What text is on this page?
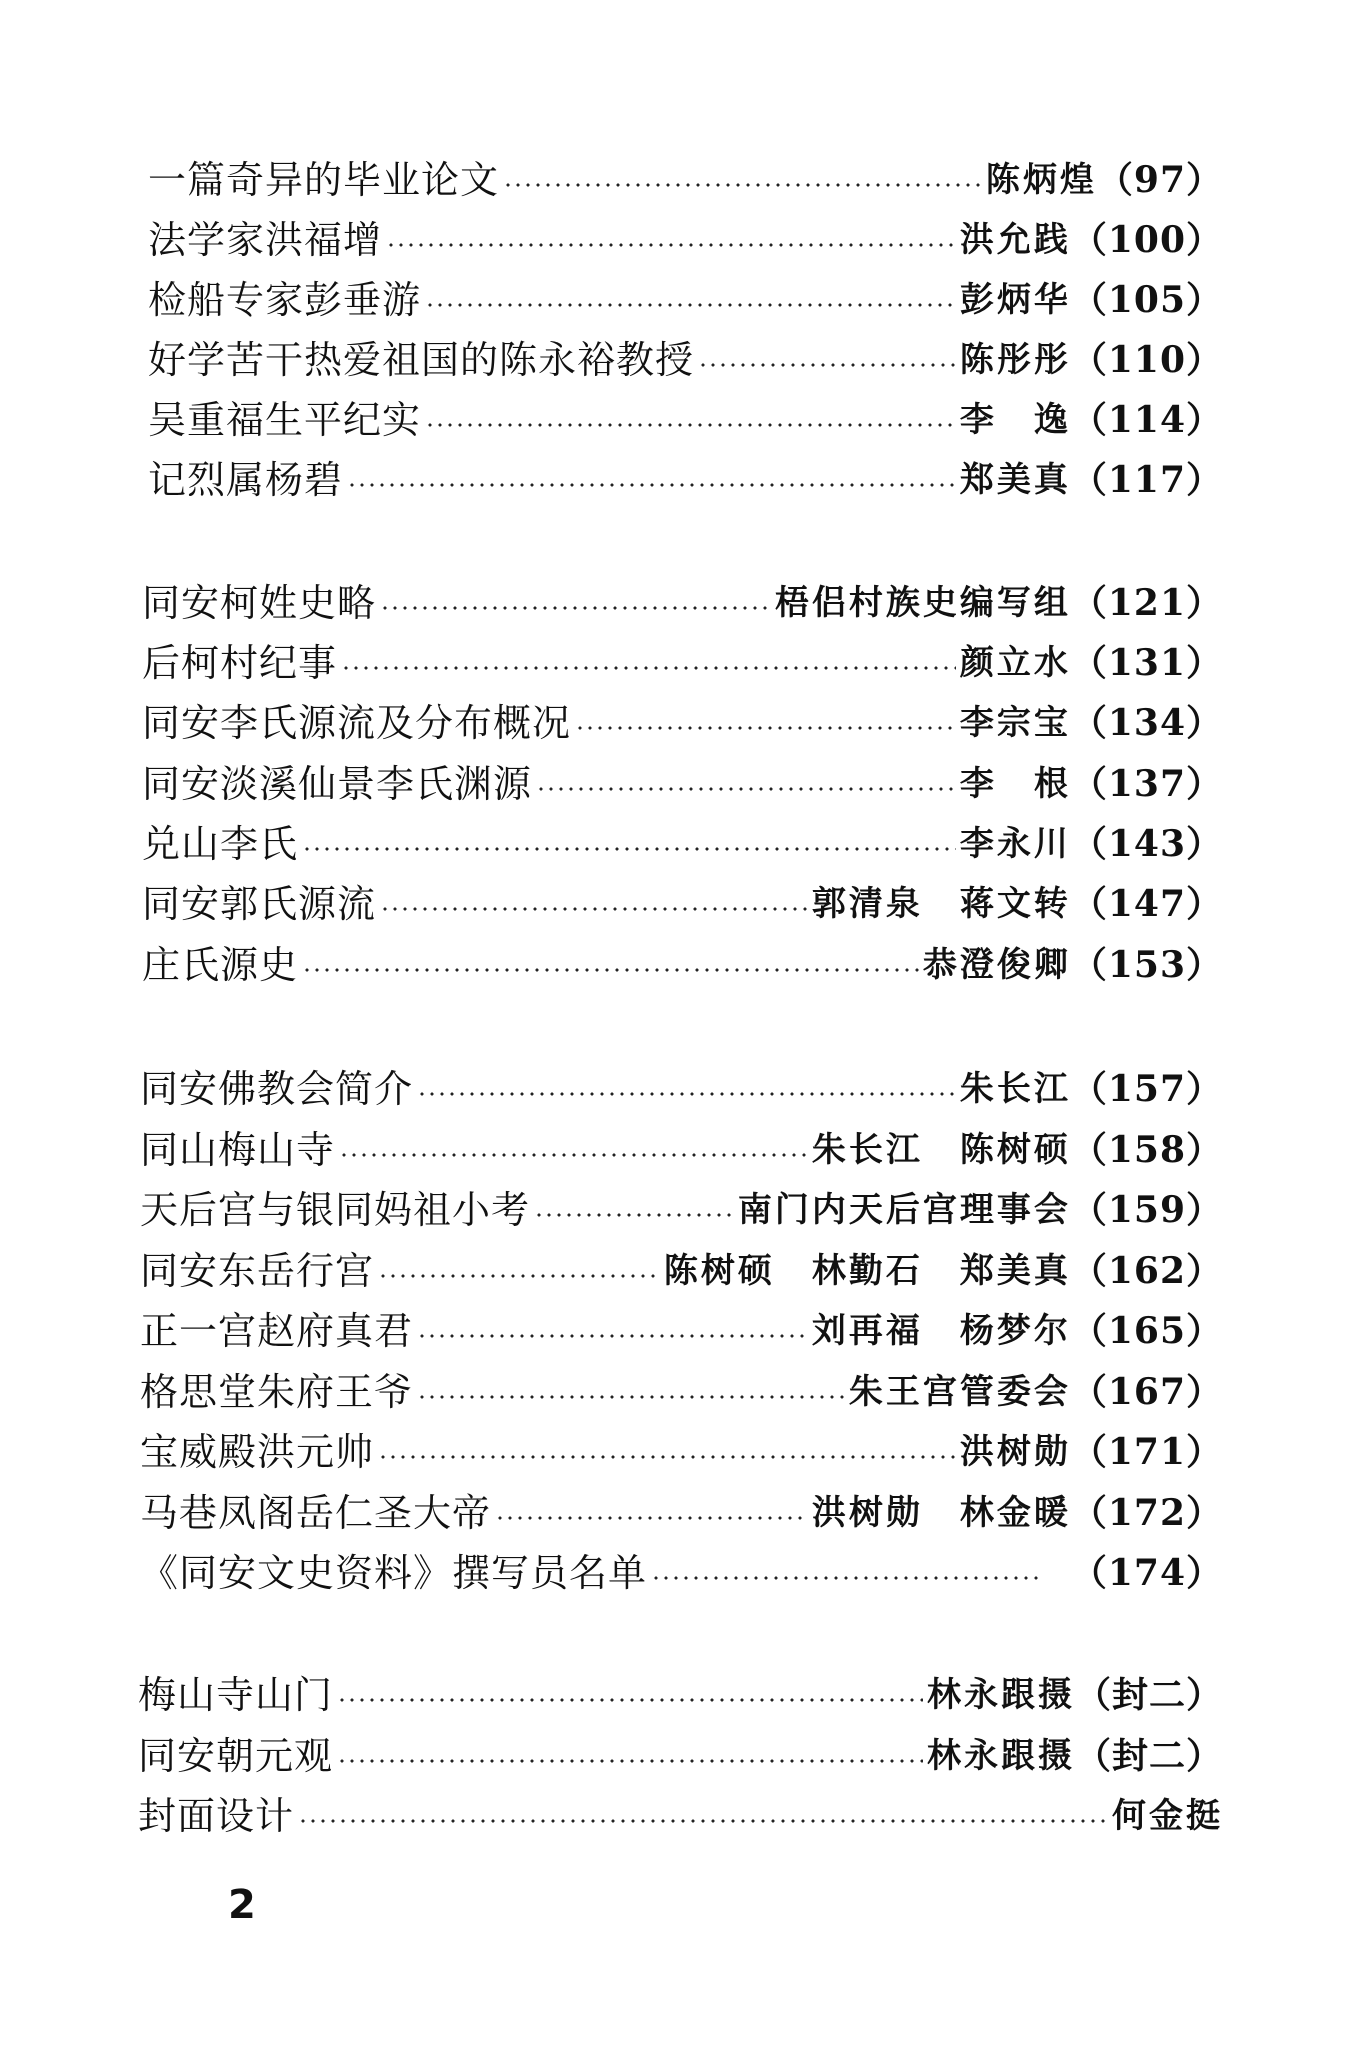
一篇奇异的毕业论文	陈炳煌 （97）
法学家洪福增	洪允践 （100）
检船专家彭垂游	彭炳华 （105）
好学苦干热爱祖国的陈永裕教授	陈彤彤 （110）
吴重福生平纪实	李　逸 （114）
记烈属杨碧	郑美真 （117）
同安柯姓史略	梧侣村族史编写组 （121）
后柯村纪事	颜立水 （131）
同安李氏源流及分布概况	李宗宝 （134）
同安淡溪仙景李氏渊源	李　根 （137）
兑山李氏	李永川 （143）
同安郭氏源流	郭清泉　蒋文转 （147）
庄氏源史	恭澄俊卿 （153）
同安佛教会简介	朱长江 （157）
同山梅山寺	朱长江　陈树硕 （158）
天后宫与银同妈祖小考	南门内天后宫理事会 （159）
同安东岳行宫	陈树硕　林勤石　郑美真 （162）
正一宫赵府真君	刘再福　杨梦尔 （165）
格思堂朱府王爷	朱王宫管委会 （167）
宝威殿洪元帅	洪树勋 （171）
马巷凤阁岳仁圣大帝	洪树勋　林金暖 （172）
《同安文史资料》撰写员名单	（174）
梅山寺山门	林永跟摄 （封二）
同安朝元观	林永跟摄 （封二）
封面设计	何金挺
2
